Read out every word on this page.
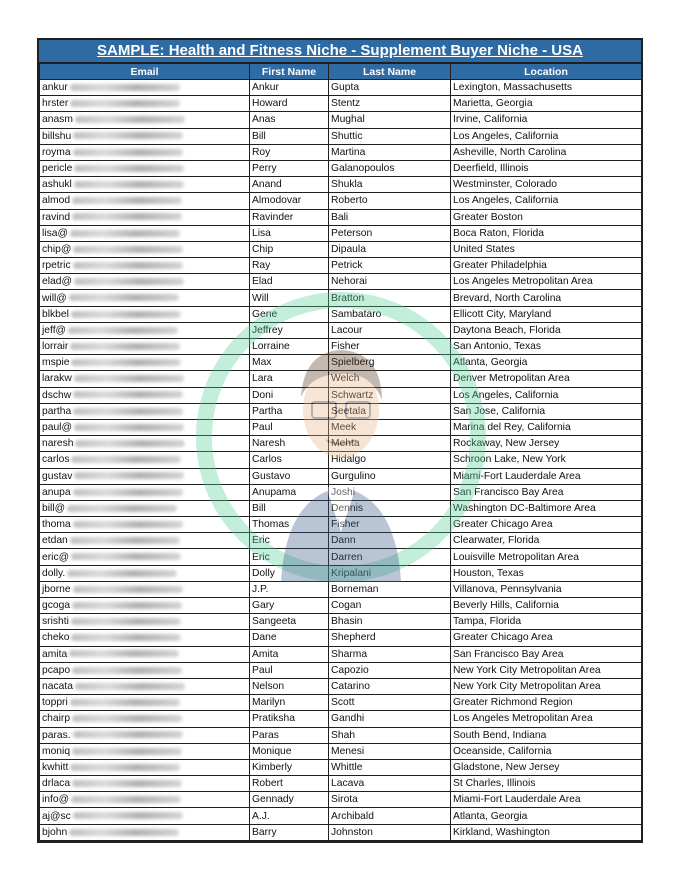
SAMPLE: Health and Fitness Niche - Supplement Buyer Niche - USA
Email	First Name	Last Name	Location
ankur	Ankur	Gupta	Lexington, Massachusetts
hrster	Howard	Stentz	Marietta, Georgia
anasm	Anas	Mughal	Irvine, California
billshu	Bill	Shuttic	Los Angeles, California
royma	Roy	Martina	Asheville, North Carolina
pericle	Perry	Galanopoulos	Deerfield, Illinois
ashukl	Anand	Shukla	Westminster, Colorado
almod	Almodovar	Roberto	Los Angeles, California
ravind	Ravinder	Bali	Greater Boston
lisa@	Lisa	Peterson	Boca Raton, Florida
chip@	Chip	Dipaula	United States
rpetric	Ray	Petrick	Greater Philadelphia
elad@	Elad	Nehorai	Los Angeles Metropolitan Area
will@	Will	Bratton	Brevard, North Carolina
blkbel	Gene	Sambataro	Ellicott City, Maryland
jeff@	Jeffrey	Lacour	Daytona Beach, Florida
lorrair	Lorraine	Fisher	San Antonio, Texas
mspie	Max	Spielberg	Atlanta, Georgia
larakw	Lara	Welch	Denver Metropolitan Area
dschw	Doni	Schwartz	Los Angeles, California
partha	Partha	Seetala	San Jose, California
paul@	Paul	Meek	Marina del Rey, California
naresh	Naresh	Mehta	Rockaway, New Jersey
carlos	Carlos	Hidalgo	Schroon Lake, New York
gustav	Gustavo	Gurgulino	Miami-Fort Lauderdale Area
anupa	Anupama	Joshi	San Francisco Bay Area
bill@	Bill	Dennis	Washington DC-Baltimore Area
thoma	Thomas	Fisher	Greater Chicago Area
etdan	Eric	Dann	Clearwater, Florida
eric@	Eric	Darren	Louisville Metropolitan Area
dolly.	Dolly	Kripalani	Houston, Texas
jborne	J.P.	Borneman	Villanova, Pennsylvania
gcoga	Gary	Cogan	Beverly Hills, California
srishti	Sangeeta	Bhasin	Tampa, Florida
cheko	Dane	Shepherd	Greater Chicago Area
amita	Amita	Sharma	San Francisco Bay Area
pcapo	Paul	Capozio	New York City Metropolitan Area
nacata	Nelson	Catarino	New York City Metropolitan Area
toppri	Marilyn	Scott	Greater Richmond Region
chairp	Pratiksha	Gandhi	Los Angeles Metropolitan Area
paras.	Paras	Shah	South Bend, Indiana
moniq	Monique	Menesi	Oceanside, California
kwhitt	Kimberly	Whittle	Gladstone, New Jersey
drlaca	Robert	Lacava	St Charles, Illinois
info@	Gennady	Sirota	Miami-Fort Lauderdale Area
aj@sc	A.J.	Archibald	Atlanta, Georgia
bjohn	Barry	Johnston	Kirkland, Washington
